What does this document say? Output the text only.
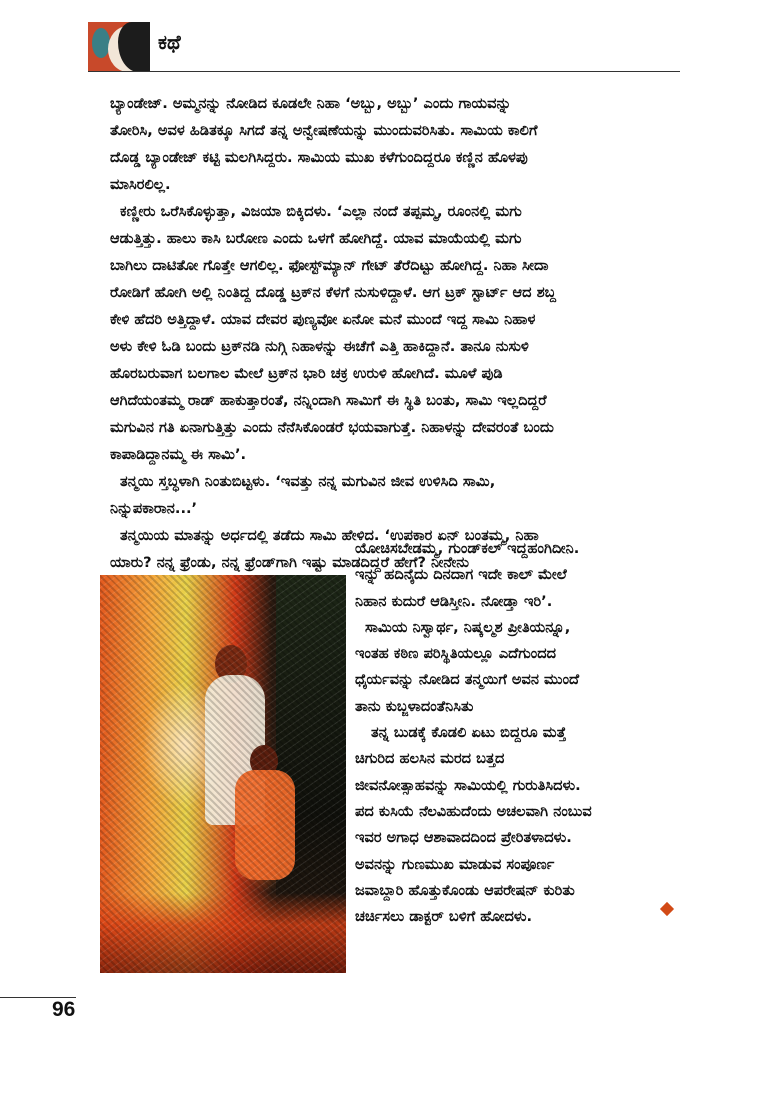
ಕಥೆ
ಬ್ಯಾಂಡೇಜ್. ಅಮ್ಮನನ್ನು ನೋಡಿದ ಕೂಡಲೇ ನಿಹಾ ‘ಅಬ್ಬು, ಅಬ್ಬು’ ಎಂದು ಗಾಯವನ್ನು
ತೋರಿಸಿ, ಅವಳ ಹಿಡಿತಕ್ಕೂ ಸಿಗದೆ ತನ್ನ ಅನ್ವೇಷಣೆಯನ್ನು ಮುಂದುವರಿಸಿತು. ಸಾಮಿಯ ಕಾಲಿಗೆ
ದೊಡ್ಡ ಬ್ಯಾಂಡೇಜ್ ಕಟ್ಟಿ ಮಲಗಿಸಿದ್ದರು. ಸಾಮಿಯ ಮುಖ ಕಳೆಗುಂದಿದ್ದರೂ ಕಣ್ಣಿನ ಹೊಳಪು
ಮಾಸಿರಲಿಲ್ಲ.
ಕಣ್ಣೀರು ಒರೆಸಿಕೊಳ್ಳುತ್ತಾ, ವಿಜಯಾ ಬಿಕ್ಕಿದಳು. ‘ಎಲ್ಲಾ ನಂದೆ ತಪ್ಪಮ್ಮ, ರೂಂನಲ್ಲಿ ಮಗು
ಆಡುತ್ತಿತ್ತು. ಹಾಲು ಕಾಸಿ ಬರೋಣ ಎಂದು ಒಳಗೆ ಹೋಗಿದ್ದೆ. ಯಾವ ಮಾಯೆಯಲ್ಲಿ ಮಗು
ಬಾಗಿಲು ದಾಟಿತೋ ಗೊತ್ತೇ ಆಗಲಿಲ್ಲ. ಫೋಸ್ಟ್‌ಮ್ಯಾನ್ ಗೇಟ್ ತೆರೆದಿಟ್ಟು ಹೋಗಿದ್ದ. ನಿಹಾ ಸೀದಾ
ರೋಡಿಗೆ ಹೋಗಿ ಅಲ್ಲಿ ನಿಂತಿದ್ದ ದೊಡ್ಡ ಟ್ರಕ್‌ನ ಕೆಳಗೆ ನುಸುಳಿದ್ದಾಳೆ. ಆಗ ಟ್ರಕ್ ಸ್ಟಾರ್ಟ್ ಆದ ಶಬ್ದ
ಕೇಳಿ ಹೆದರಿ ಅತ್ತಿದ್ದಾಳೆ. ಯಾವ ದೇವರ ಪುಣ್ಯವೋ ಏನೋ ಮನೆ ಮುಂದೆ ಇದ್ದ ಸಾಮಿ ನಿಹಾಳ
ಅಳು ಕೇಳಿ ಓಡಿ ಬಂದು ಟ್ರಕ್‌ನಡಿ ನುಗ್ಗಿ ನಿಹಾಳನ್ನು ಈಚೆಗೆ ಎತ್ತಿ ಹಾಕಿದ್ದಾನೆ. ತಾನೂ ನುಸುಳಿ
ಹೊರಬರುವಾಗ ಬಲಗಾಲ ಮೇಲೆ ಟ್ರಕ್‌ನ ಭಾರಿ ಚಕ್ರ ಉರುಳಿ ಹೋಗಿದೆ. ಮೂಳೆ ಪುಡಿ
ಆಗಿದೆಯಂತಮ್ಮ ರಾಡ್ ಹಾಕುತ್ತಾರಂತೆ, ನನ್ನಿಂದಾಗಿ ಸಾಮಿಗೆ ಈ ಸ್ಥಿತಿ ಬಂತು, ಸಾಮಿ ಇಲ್ಲದಿದ್ದರೆ
ಮಗುವಿನ ಗತಿ ಏನಾಗುತ್ತಿತ್ತು ಎಂದು ನೆನೆಸಿಕೊಂಡರೆ ಭಯವಾಗುತ್ತೆ. ನಿಹಾಳನ್ನು ದೇವರಂತೆ ಬಂದು
ಕಾಪಾಡಿದ್ದಾನಮ್ಮ ಈ ಸಾಮಿ’.
ತನ್ಮಯಿ ಸ್ತಬ್ಧಳಾಗಿ ನಿಂತುಬಿಟ್ಟಳು. ‘ಇವತ್ತು ನನ್ನ ಮಗುವಿನ ಜೀವ ಉಳಿಸಿದಿ ಸಾಮಿ,
ನಿನ್ನುಪಕಾರಾನ...’
ತನ್ಮಯಿಯ ಮಾತನ್ನು ಅರ್ಧದಲ್ಲಿ ತಡೆದು ಸಾಮಿ ಹೇಳಿದ. ‘ಉಪಕಾರ ಏನ್ ಬಂತಮ್ಮ, ನಿಹಾ
ಯಾರು? ನನ್ನ ಫ್ರೆಂಡು, ನನ್ನ ಫ್ರೆಂಡ್‌ಗಾಗಿ ಇಷ್ಟು ಮಾಡದಿದ್ದರೆ ಹೇಗೆ? ನೀನೇನು
ಯೋಚಿಸಬೇಡಮ್ಮ, ಗುಂಡ್‌ಕಲ್ ಇದ್ದಹಂಗಿದೀನಿ.
ಇನ್ನು ಹದಿನೈದು ದಿನದಾಗ ಇದೇ ಕಾಲ್ ಮೇಲೆ
ನಿಹಾನ ಕುದುರೆ ಆಡಿಸ್ತೀನಿ. ನೋಡ್ತಾ ಇರಿ’.
ಸಾಮಿಯ ನಿಸ್ವಾರ್ಥ, ನಿಷ್ಕಲ್ಮಶ ಪ್ರೀತಿಯನ್ನೂ,
ಇಂತಹ ಕಠಿಣ ಪರಿಸ್ಥಿತಿಯಲ್ಲೂ ಎದೆಗುಂದದ
ಧೈರ್ಯವನ್ನು ನೋಡಿದ ತನ್ಮಯಿಗೆ ಅವನ ಮುಂದೆ
ತಾನು ಕುಬ್ಜಳಾದಂತೆನಿಸಿತು
ತನ್ನ ಬುಡಕ್ಕೆ ಕೊಡಲಿ ಏಟು ಬಿದ್ದರೂ ಮತ್ತೆ
ಚಿಗುರಿದ ಹಲಸಿನ ಮರದ ಬತ್ತದ
ಜೀವನೋತ್ಸಾಹವನ್ನು ಸಾಮಿಯಲ್ಲಿ ಗುರುತಿಸಿದಳು.
ಪದ ಕುಸಿಯೆ ನೆಲವಿಹುದೆಂದು ಅಚಲವಾಗಿ ನಂಬುವ
ಇವರ ಅಗಾಧ ಆಶಾವಾದದಿಂದ ಪ್ರೇರಿತಳಾದಳು.
ಅವನನ್ನು ಗುಣಮುಖ ಮಾಡುವ ಸಂಪೂರ್ಣ
ಜವಾಬ್ದಾರಿ ಹೊತ್ತುಕೊಂಡು ಆಪರೇಷನ್ ಕುರಿತು
ಚರ್ಚಿಸಲು ಡಾಕ್ಟರ್ ಬಳಿಗೆ ಹೋದಳು.
96
